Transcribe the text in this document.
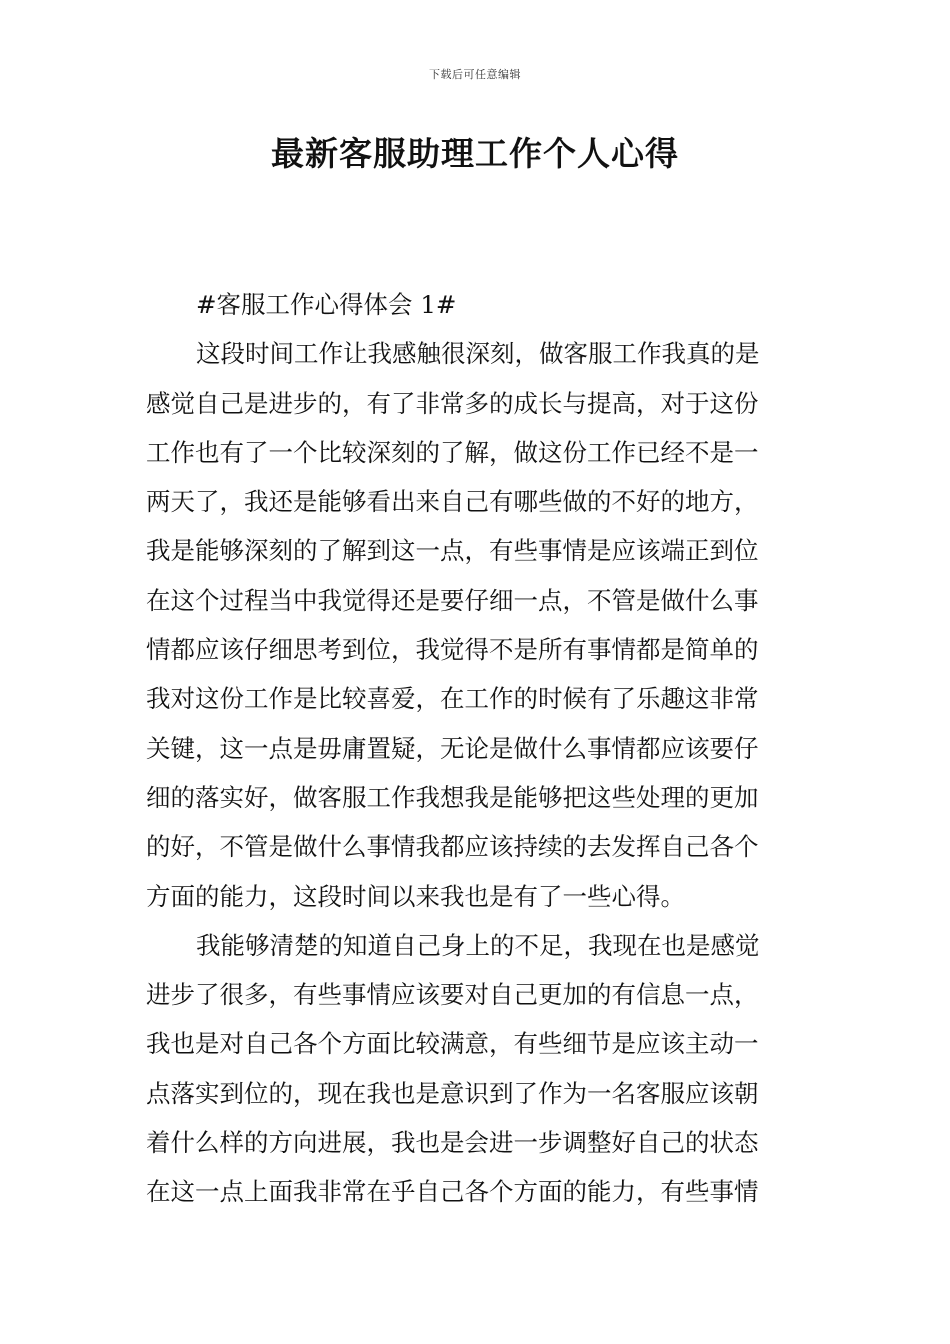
下载后可任意编辑
最新客服助理工作个人心得
#客服工作心得体会 1#
这段时间工作让我感触很深刻，做客服工作我真的是
感觉自己是进步的，有了非常多的成长与提高，对于这份
工作也有了一个比较深刻的了解，做这份工作已经不是一
两天了，我还是能够看出来自己有哪些做的不好的地方，
我是能够深刻的了解到这一点，有些事情是应该端正到位
在这个过程当中我觉得还是要仔细一点，不管是做什么事
情都应该仔细思考到位，我觉得不是所有事情都是简单的
我对这份工作是比较喜爱，在工作的时候有了乐趣这非常
关键，这一点是毋庸置疑，无论是做什么事情都应该要仔
细的落实好，做客服工作我想我是能够把这些处理的更加
的好，不管是做什么事情我都应该持续的去发挥自己各个
方面的能力，这段时间以来我也是有了一些心得。
我能够清楚的知道自己身上的不足，我现在也是感觉
进步了很多，有些事情应该要对自己更加的有信息一点，
我也是对自己各个方面比较满意，有些细节是应该主动一
点落实到位的，现在我也是意识到了作为一名客服应该朝
着什么样的方向进展，我也是会进一步调整好自己的状态
在这一点上面我非常在乎自己各个方面的能力，有些事情
